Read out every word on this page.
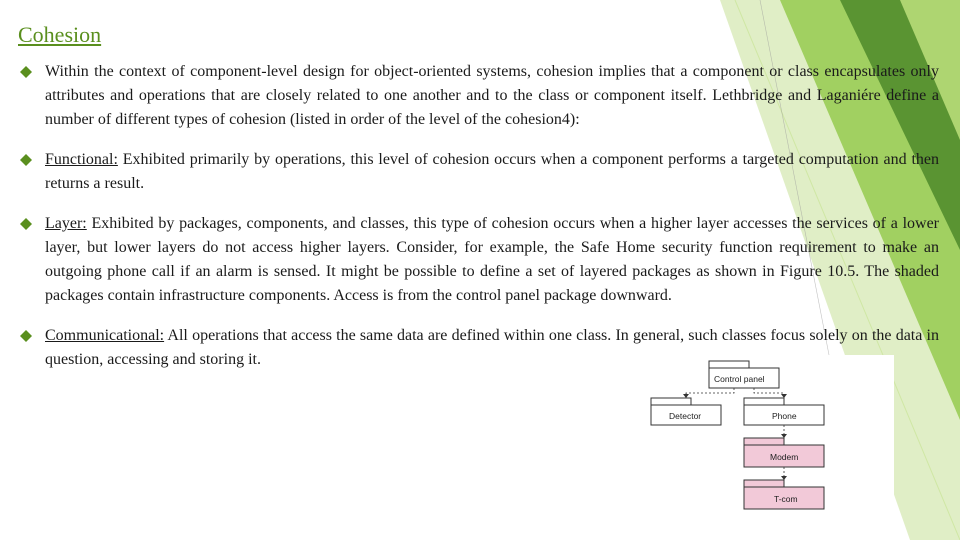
Cohesion
Within the context of component-level design for object-oriented systems, cohesion implies that a component or class encapsulates only attributes and operations that are closely related to one another and to the class or component itself. Lethbridge and Laganiére define a number of different types of cohesion (listed in order of the level of the cohesion4):
Functional: Exhibited primarily by operations, this level of cohesion occurs when a component performs a targeted computation and then returns a result.
Layer: Exhibited by packages, components, and classes, this type of cohesion occurs when a higher layer accesses the services of a lower layer, but lower layers do not access higher layers. Consider, for example, the Safe Home security function requirement to make an outgoing phone call if an alarm is sensed. It might be possible to define a set of layered packages as shown in Figure 10.5. The shaded packages contain infrastructure components. Access is from the control panel package downward.
Communicational: All operations that access the same data are defined within one class. In general, such classes focus solely on the data in question, accessing and storing it.
Control panel
Detector	Phone
Modem
T-com
